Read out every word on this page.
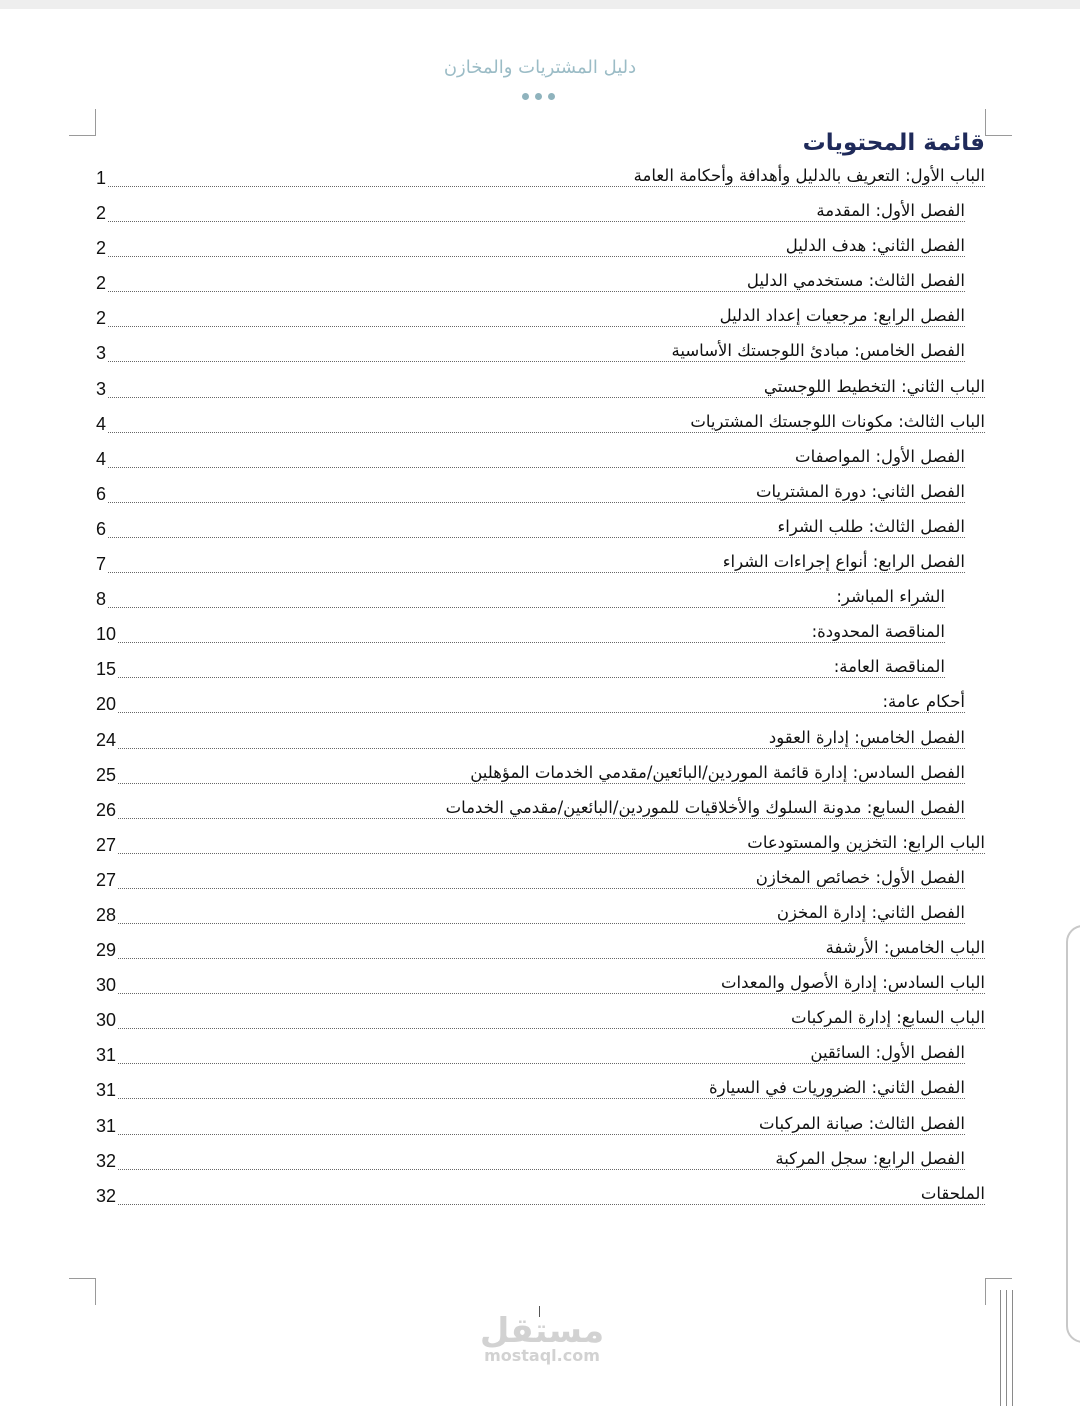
دليل المشتريات والمخازن
قائمة المحتويات
1	الباب الأول: التعريف بالدليل وأهدافة وأحكامة العامة
2	الفصل الأول: المقدمة
2	الفصل الثاني: هدف الدليل
2	الفصل الثالث: مستخدمي الدليل
2	الفصل الرابع: مرجعيات إعداد الدليل
3	الفصل الخامس: مبادئ اللوجستك الأساسية
3	الباب الثاني: التخطيط اللوجستي
4	الباب الثالث: مكونات اللوجستك المشتريات
4	الفصل الأول: المواصفات
6	الفصل الثاني: دورة المشتريات
6	الفصل الثالث: طلب الشراء
7	الفصل الرابع: أنواع إجراءات الشراء
8	الشراء المباشر:
10	المناقصة المحدودة:
15	المناقصة العامة:
20	أحكام عامة:
24	الفصل الخامس: إدارة العقود
25	الفصل السادس: إدارة قائمة الموردين/البائعين/مقدمي الخدمات المؤهلين
26	الفصل السابع: مدونة السلوك والأخلاقيات للموردين/البائعين/مقدمي الخدمات
27	الباب الرابع: التخزين والمستودعات
27	الفصل الأول: خصائص المخازن
28	الفصل الثاني: إدارة المخزن
29	الباب الخامس: الأرشفة
30	الباب السادس: إدارة الأصول والمعدات
30	الباب السابع: إدارة المركبات
31	الفصل الأول: السائقين
31	الفصل الثاني: الضروريات في السيارة
31	الفصل الثالث: صيانة المركبات
32	الفصل الرابع: سجل المركبة
32	الملحقات
مستقل
mostaql.com
